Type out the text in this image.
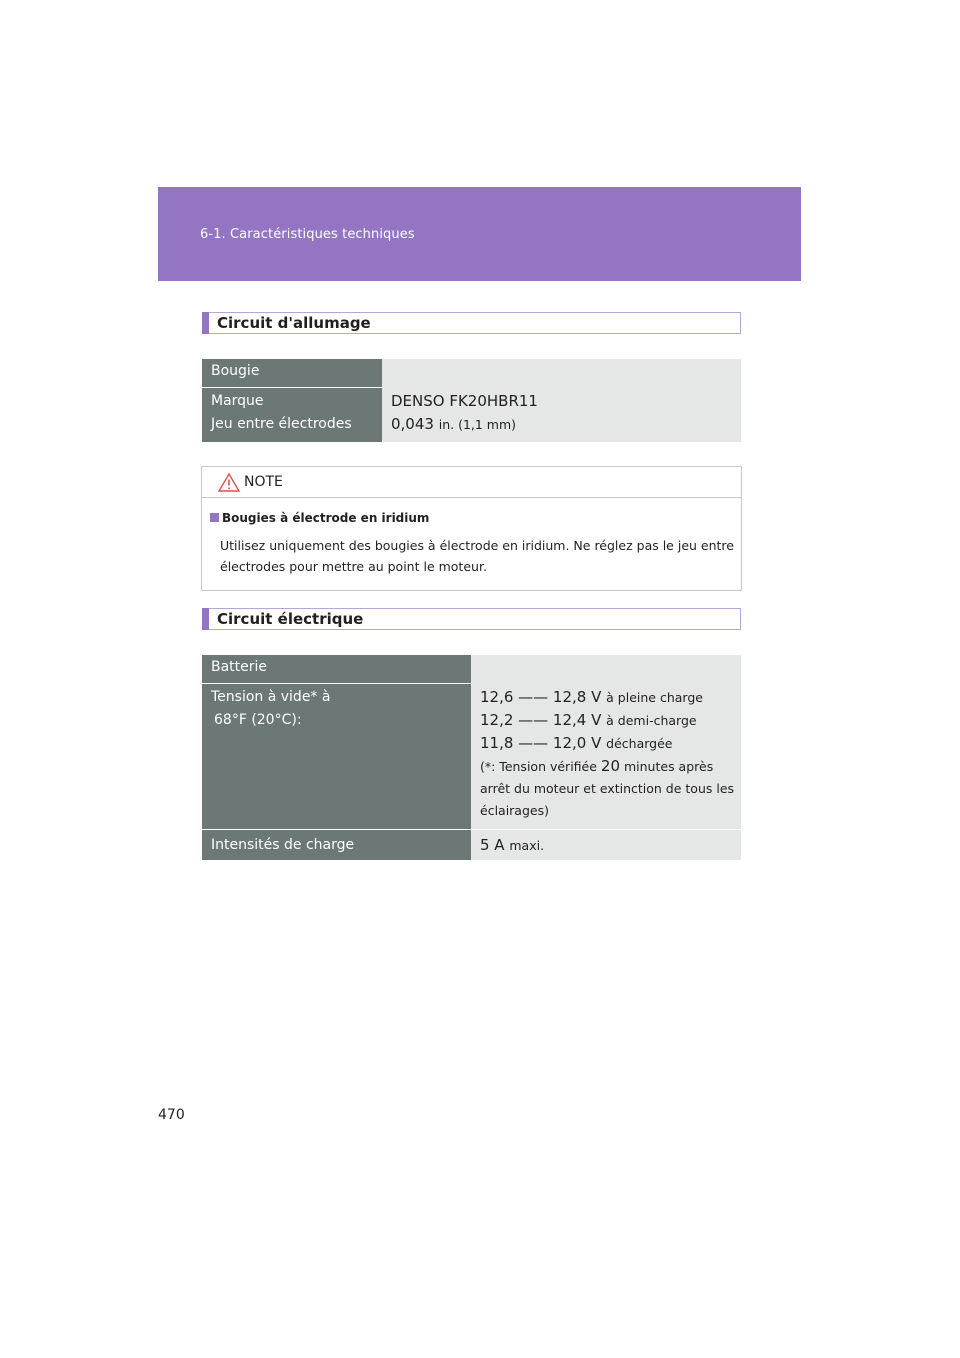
6-1. Caractéristiques techniques
Circuit d'allumage
Bougie
Marque
Jeu entre électrodes
DENSO FK20HBR11
0,043 in. (1,1 mm)
NOTE
Bougies à électrode en iridium
Utilisez uniquement des bougies à électrode en iridium. Ne réglez pas le jeu entre
électrodes pour mettre au point le moteur.
Circuit électrique
Batterie
Tension à vide* à
68°F (20°C):
12,6 —— 12,8 V à pleine charge
12,2 —— 12,4 V à demi-charge
11,8 —— 12,0 V déchargée
(*: Tension vérifiée 20 minutes après
arrêt du moteur et extinction de tous les
éclairages)
Intensités de charge	5 A maxi.
470
